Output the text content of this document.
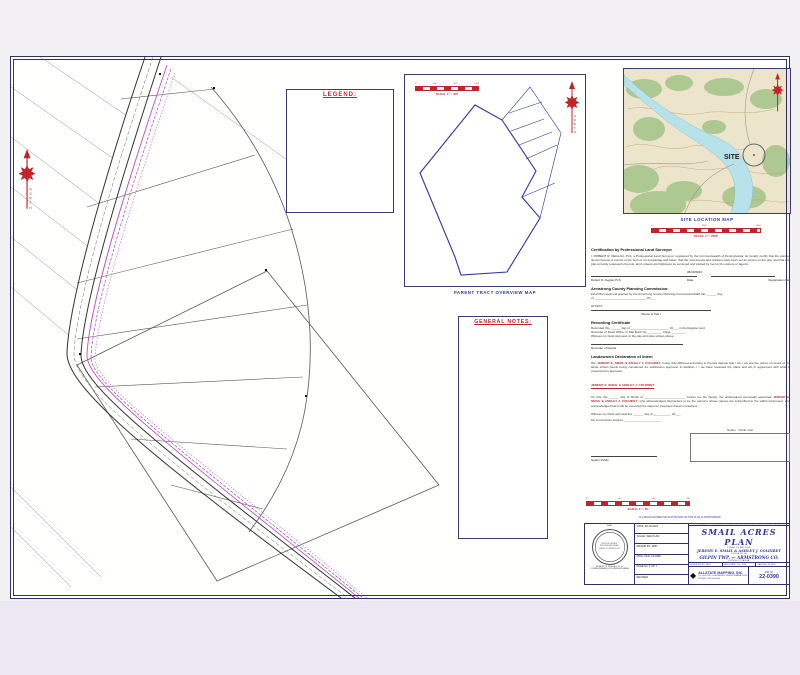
N
O
R
T
H
LEGEND:
0	400	800	1200
SCALE: 1" = 400'
N
O
R
T
H
PARENT TRACT OVERVIEW MAP
SITE
SITE LOCATION MAP
0	2000	4000
SCALE: 1" = 2000'
GENERAL NOTES:
Certification by Professional Land Surveyor
I, ROBERT R. DEGLAU, PLS, a Professional Land Surveyor, registered by the Commonwealth of Pennsylvania, do hereby certify that the plan as shown hereon is correct to the best of my knowledge and belief, that the monuments and markers have been set as shown on the plat, and that this plat correctly represents the lots, land, streets and highways as surveyed and plotted by me for the owners or agents.
08/19/2024
Robert R. Deglau PLS	Date	Registration No.
Armstrong County Planning Commission:
Final Plan approval granted by the Armstrong County Planning Commission/Staff this ______ day
of ______________________________, 20___.
ATTEST:
(Name & Title )
Recording Certificate
Recorded this ______ day of ______________________, 20___ in the Register and
Recorder of Deed Office, in Plat Book No. ________, Page ________.
Witness my hand and seal on the day and date written above.
Recorder of Deeds
Landowners Declaration of Intent
We, JEREMY E. SMAIL & ASHLEY J. COLDIRET, being duly affirmed according to the law depose that I am / we are the owner of record of the lands shown herein being considered for subdivision approval. In addition, I / we have reviewed the plans and am in agreement with what is presented for approval.
JEREMY E. SMAIL & ASHLEY J. COLDIRET
On this, the ______ day of Month of ________________________, before me the Notary, the undersigned personally appeared, JEREMY E. SMAIL & ASHLEY J. COLDIRET, who acknowledged themselves to be the persons whose names are subscribed to the within instrument, and acknowledged that it will be executed the same for purposes therein contained.
Witness my hand and seal this ______ day of __________, 20___.
My commission expires: ______________________
Notary Public
Notary · Public seal
0	50	100	200
SCALE: 1" = 50'
ALL ROAD CENTERLINE DATA SHOWN ON THIS PLAN IS APPROXIMATE
SEAL
REGISTERED
PROFESSIONAL
LAND SURVEYOR
ROBERT R. DEGLAU, P.L.S.
COMMONWEALTH OF PENNSYLVANIA
DATE: 08-19-2024
SCALE: SEE PLAN
DRAWN BY: RRD
DWG. FILE: 22-0390
PAGE No. 1 OF 1
REVISED
ALL BEARINGS & DISTANCES SHOWN HEREON ARE IN FEET AND DECIMALS THEREOF
SMAIL ACRES PLAN
FINAL PLAN FOR
JEREMY E. SMAIL & ASHLEY J. COLDIRET
SITUATE IN
GILPIN TWP. — ARMSTRONG CO.
PENNSYLVANIA
SURVEYED BY: RRD	FIELD DATE: JUL. 2024	CAD FILE: 22-0390
◆ ALLSTATE MAPPING, INC.
P.O. BOX 000 · LEECHBURG, PENNSYLVANIA 15656
PHONE: (724) 000-0000
JOB No.
22-0390
